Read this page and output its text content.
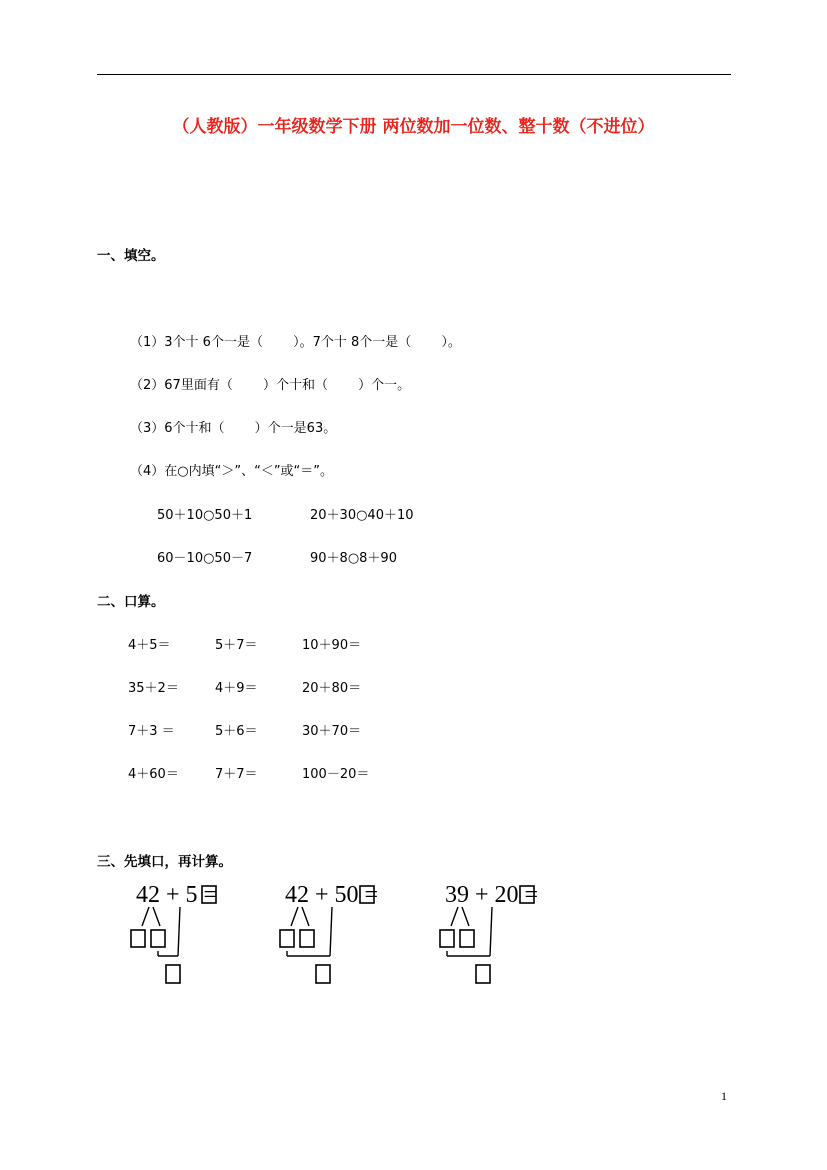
（人教版）一年级数学下册 两位数加一位数、整十数（不进位）
一、填空。
（1）3个十 6个一是（　　 ）。7个十 8个一是（　　 ）。
（2）67里面有（　　 ）个十和（　　 ）个一。
（3）6个十和（　　 ）个一是63。
（4）在○内填“＞”、“＜”或“＝”。
50＋10○50＋1	20＋30○40＋10
60－10○50－7	90＋8○8＋90
二、口算。
4＋5＝	5＋7＝	10＋90＝
35＋2＝	4＋9＝	20＋80＝
7＋3 ＝	5＋6＝	30＋70＝
4＋60＝	7＋7＝	100－20＝
三、先填口，再计算。
42 + 5 =	42 + 50 =	39 + 20 =
1
